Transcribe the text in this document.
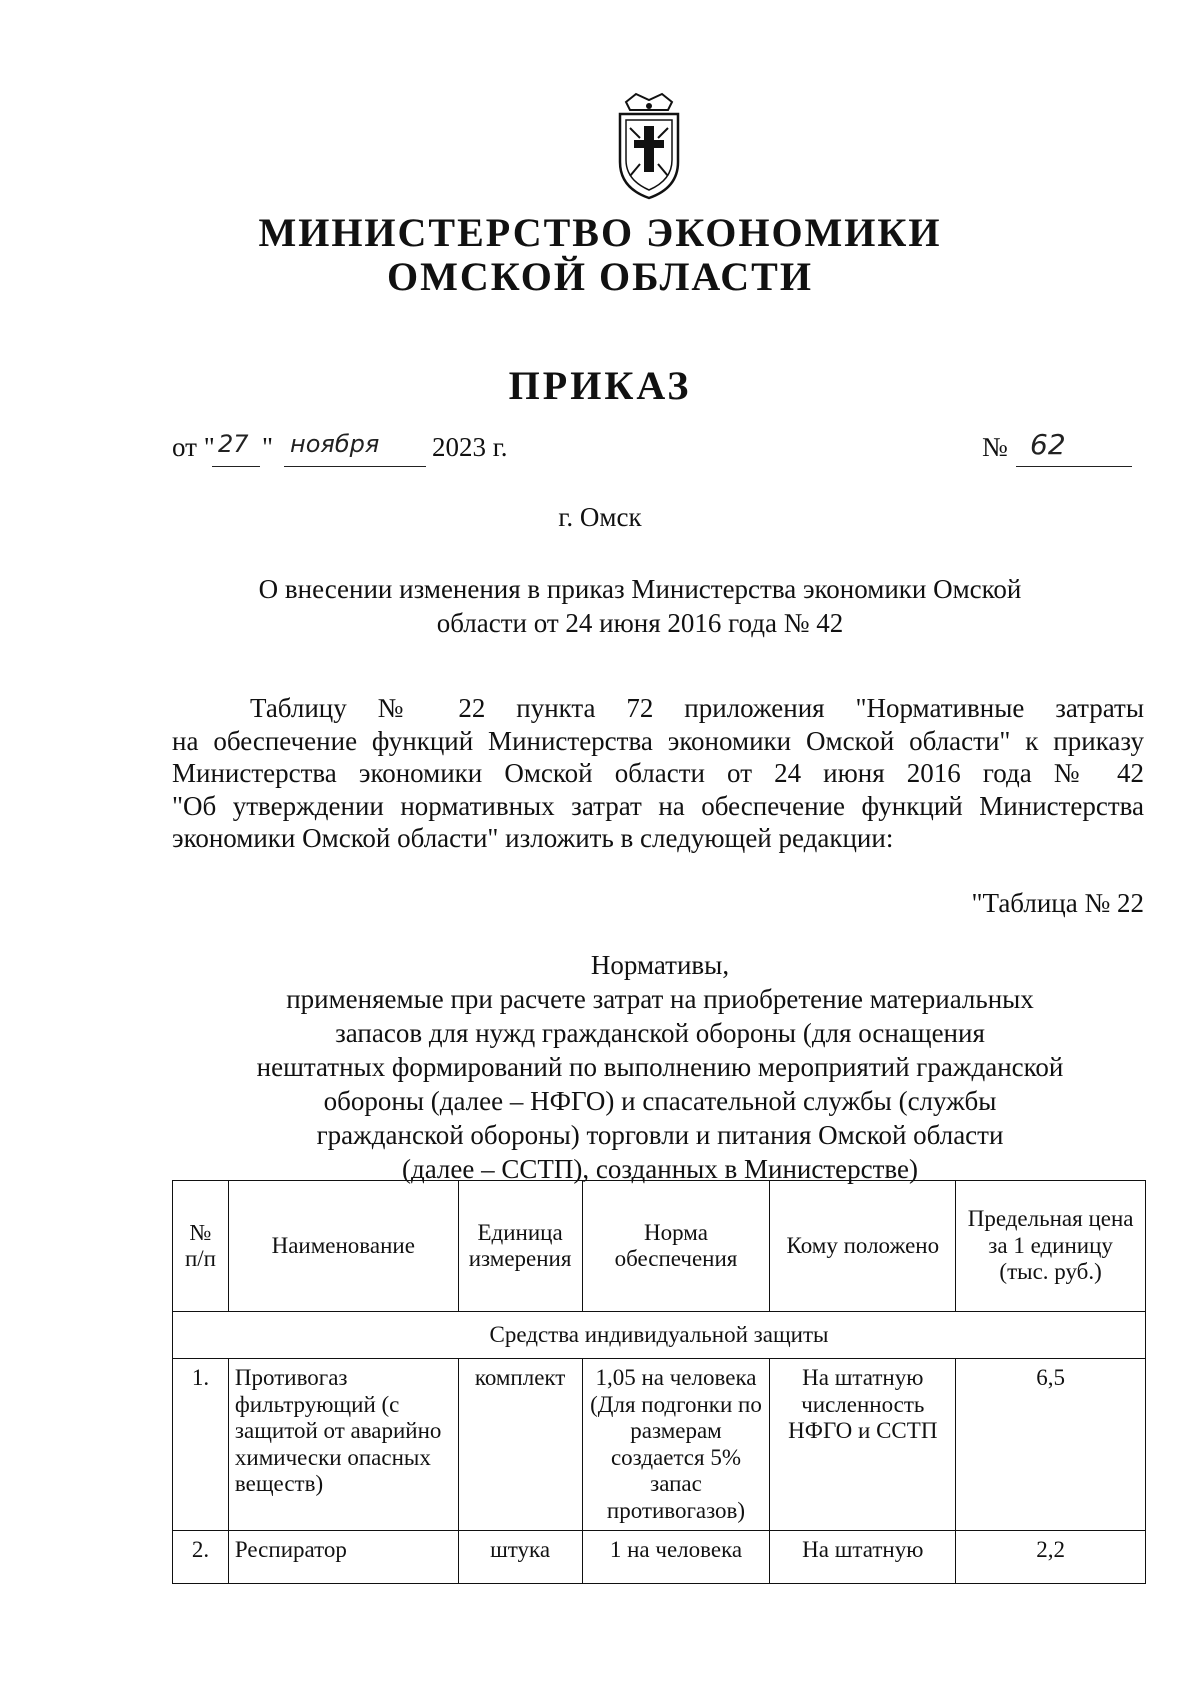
МИНИСТЕРСТВО ЭКОНОМИКИ
ОМСКОЙ ОБЛАСТИ
ПРИКАЗ
от " 27 " ноября 2023 г.	№ 62
г. Омск
О внесении изменения в приказ Министерства экономики Омской
области от 24 июня 2016 года № 42
Таблицу № 22 пункта 72 приложения "Нормативные затраты
на обеспечение функций Министерства экономики Омской области" к приказу
Министерства экономики Омской области от 24 июня 2016 года № 42
"Об утверждении нормативных затрат на обеспечение функций Министерства
экономики Омской области" изложить в следующей редакции:
"Таблица № 22
Нормативы,
применяемые при расчете затрат на приобретение материальных
запасов для нужд гражданской обороны (для оснащения
нештатных формирований по выполнению мероприятий гражданской
обороны (далее – НФГО) и спасательной службы (службы
гражданской обороны) торговли и питания Омской области
(далее – ССТП), созданных в Министерстве)
№ п/п	Наименование	Единица измерения	Норма обеспечения	Кому положено	Предельная цена за 1 единицу (тыс. руб.)
Средства индивидуальной защиты					
1.	Противогаз фильтрующий (с защитой от аварийно химически опасных веществ)	комплект	1,05 на человека (Для подгонки по размерам создается 5% запас противогазов)	На штатную численность НФГО и ССТП	6,5
2.	Респиратор	штука	1 на человека	На штатную	2,2
